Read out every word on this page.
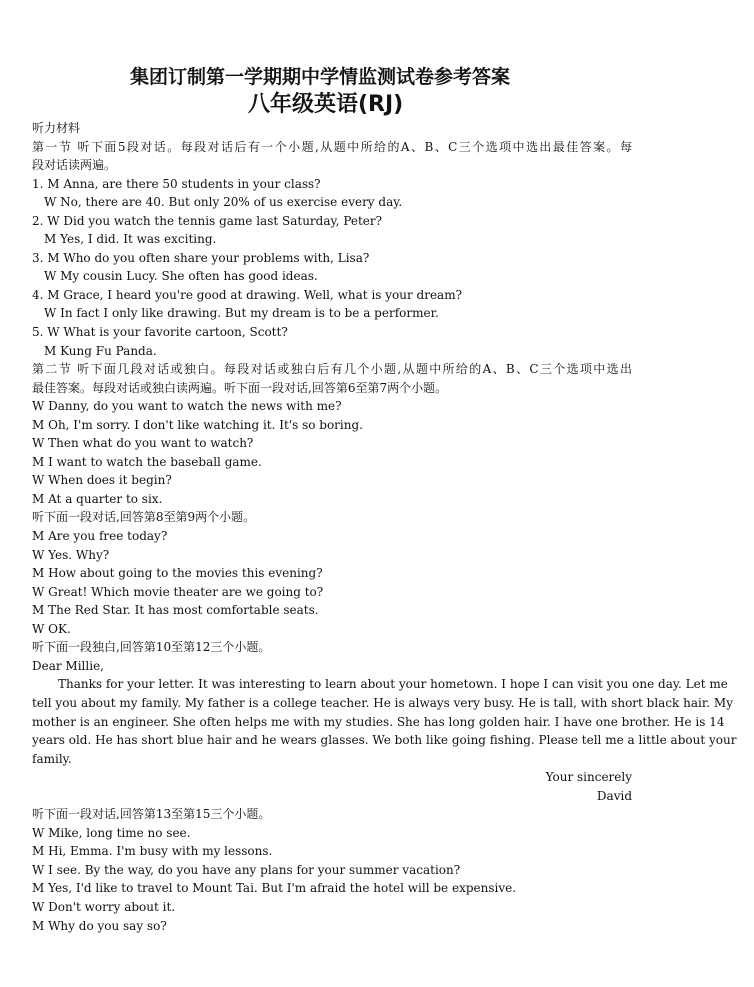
集团订制第一学期期中学情监测试卷参考答案
八年级英语(RJ)
听力材料
第一节 听下面5段对话。每段对话后有一个小题,从题中所给的A、B、C三个选项中选出最佳答案。每
段对话读两遍。
1. M Anna, are there 50 students in your class?
W No, there are 40. But only 20% of us exercise every day.
2. W Did you watch the tennis game last Saturday, Peter?
M Yes, I did. It was exciting.
3. M Who do you often share your problems with, Lisa?
W My cousin Lucy. She often has good ideas.
4. M Grace, I heard you're good at drawing. Well, what is your dream?
W In fact I only like drawing. But my dream is to be a performer.
5. W What is your favorite cartoon, Scott?
M Kung Fu Panda.
第二节 听下面几段对话或独白。每段对话或独白后有几个小题,从题中所给的A、B、C三个选项中选出
最佳答案。每段对话或独白读两遍。听下面一段对话,回答第6至第7两个小题。
W Danny, do you want to watch the news with me?
M Oh, I'm sorry. I don't like watching it. It's so boring.
W Then what do you want to watch?
M I want to watch the baseball game.
W When does it begin?
M At a quarter to six.
听下面一段对话,回答第8至第9两个小题。
M Are you free today?
W Yes. Why?
M How about going to the movies this evening?
W Great! Which movie theater are we going to?
M The Red Star. It has most comfortable seats.
W OK.
听下面一段独白,回答第10至第12三个小题。
Dear Millie,
Thanks for your letter. It was interesting to learn about your hometown. I hope I can visit you one day. Let me
tell you about my family. My father is a college teacher. He is always very busy. He is tall, with short black hair. My
mother is an engineer. She often helps me with my studies. She has long golden hair. I have one brother. He is 14
years old. He has short blue hair and he wears glasses. We both like going fishing. Please tell me a little about your
family.
Your sincerely
David
听下面一段对话,回答第13至第15三个小题。
W Mike, long time no see.
M Hi, Emma. I'm busy with my lessons.
W I see. By the way, do you have any plans for your summer vacation?
M Yes, I'd like to travel to Mount Tai. But I'm afraid the hotel will be expensive.
W Don't worry about it.
M Why do you say so?
